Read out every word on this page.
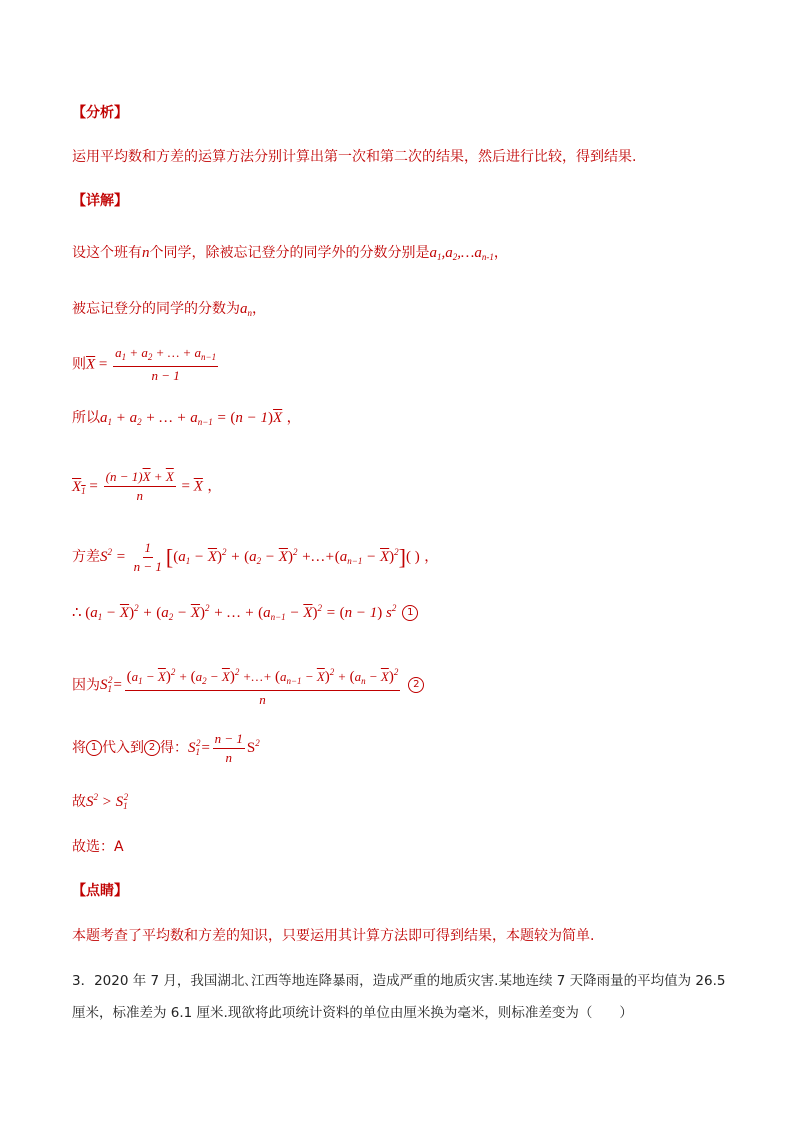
【分析】
运用平均数和方差的运算方法分别计算出第一次和第二次的结果，然后进行比较，得到结果.
【详解】
设这个班有n个同学，除被忘记登分的同学外的分数分别是$a_1,a_2,\dots a_{n-1}$，
被忘记登分的同学的分数为$a_n$，
则$\overline{X} = \frac{a_1 + a_2 + \dots + a_{n-1}}{n - 1}$
所以$a_1 + a_2$ + … + $a_{n-1} = (n - 1)\overline{X}$ ，
$X_1 = \frac{(n - 1)\overline{X} + \overline{X}}{n} = \overline{X}$ ，
方差$S^2 = \frac{1}{n - 1} [(a_1 - \overline{X})^2 + (a_2 - \overline{X})^2$ $+\dots+(a_{n-1} - \overline{X})^2$]( ) ，
∴ $(a_1 - \overline{X})^2 + (a_2 - \overline{X})^2$ + … + $(a_{n-1} - \overline{X})^2 = (n - 1)$ $s^2$ 1
因为$S_1^2= \frac{(a_1 - \overline{X})^2 + (a_2 - \overline{X})^2 +\dots+ (a_{n-1} - \overline{X})^2 + (a_n - \overline{X})^2}{n} 2$
将 1 代入到 2 得：$S_1^2= \frac{n - 1}{n} S^2$
故$S^2 > S_1^2$
故选：A
【点睛】
本题考查了平均数和方差的知识，只要运用其计算方法即可得到结果，本题较为简单.
3．2020 年 7 月，我国湖北､江西等地连降暴雨，造成严重的地质灾害.某地连续 7 天降雨量的平均值为 26.5
厘米，标准差为 6.1 厘米.现欲将此项统计资料的单位由厘米换为毫米，则标准差变为（　　）
